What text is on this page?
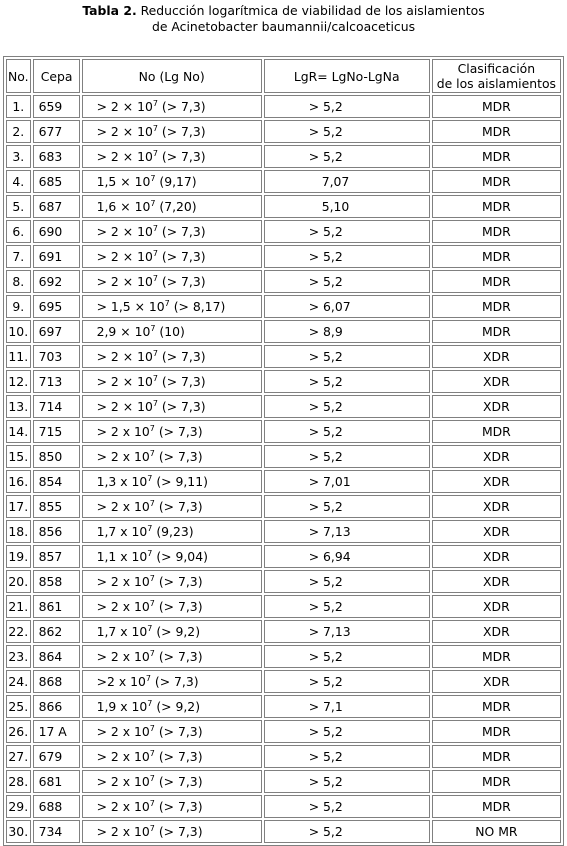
Tabla 2. Reducción logarítmica de viabilidad de los aislamientos
de Acinetobacter baumannii/calcoaceticus
No.	Cepa	No (Lg No)	LgR= LgNo-LgNa	Clasificación
de los aislamientos

1.	659	> $2 \times 10^7$ (> 7,3)	> 5,2	MDR
2.	677	> $2 \times 10^7$ (> 7,3)	> 5,2	MDR
3.	683	> $2 \times 10^7$ (> 7,3)	> 5,2	MDR
4.	685	$1,5 \times 10^7$ (9,17)	7,07	MDR
5.	687	$1,6 \times 10^7$ (7,20)	5,10	MDR
6.	690	> $2 \times 10^7$ (> 7,3)	> 5,2	MDR
7.	691	> $2 \times 10^7$ (> 7,3)	> 5,2	MDR
8.	692	> $2 \times 10^7$ (> 7,3)	> 5,2	MDR
9.	695	> $1,5 \times 10^7$ (> 8,17)	> 6,07	MDR
10.	697	$2,9 \times 10^7$ (10)	> 8,9	MDR
11.	703	> $2 \times 10^7$ (> 7,3)	> 5,2	XDR
12.	713	> $2 \times 10^7$ (> 7,3)	> 5,2	XDR
13.	714	> $2 \times 10^7$ (> 7,3)	> 5,2	XDR
14.	715	> 2 x $10^7$ (> 7,3)	> 5,2	MDR
15.	850	> 2 x $10^7$ (> 7,3)	> 5,2	XDR
16.	854	1,3 x $10^7$ (> 9,11)	> 7,01	XDR
17.	855	> 2 x $10^7$ (> 7,3)	> 5,2	XDR
18.	856	1,7 x $10^7$ (9,23)	> 7,13	XDR
19.	857	1,1 x $10^7$ (> 9,04)	> 6,94	XDR
20.	858	> 2 x $10^7$ (> 7,3)	> 5,2	XDR
21.	861	> 2 x $10^7$ (> 7,3)	> 5,2	XDR
22.	862	1,7 x $10^7$ (> 9,2)	> 7,13	XDR
23.	864	> 2 x $10^7$ (> 7,3)	> 5,2	MDR
24.	868	>2 x $10^7$ (> 7,3)	> 5,2	XDR
25.	866	1,9 x $10^7$ (> 9,2)	> 7,1	MDR
26.	17 A	> 2 x $10^7$ (> 7,3)	> 5,2	MDR
27.	679	> 2 x $10^7$ (> 7,3)	> 5,2	MDR
28.	681	> 2 x $10^7$ (> 7,3)	> 5,2	MDR
29.	688	> 2 x $10^7$ (> 7,3)	> 5,2	MDR
30.	734	> 2 x $10^7$ (> 7,3)	> 5,2	NO MR
